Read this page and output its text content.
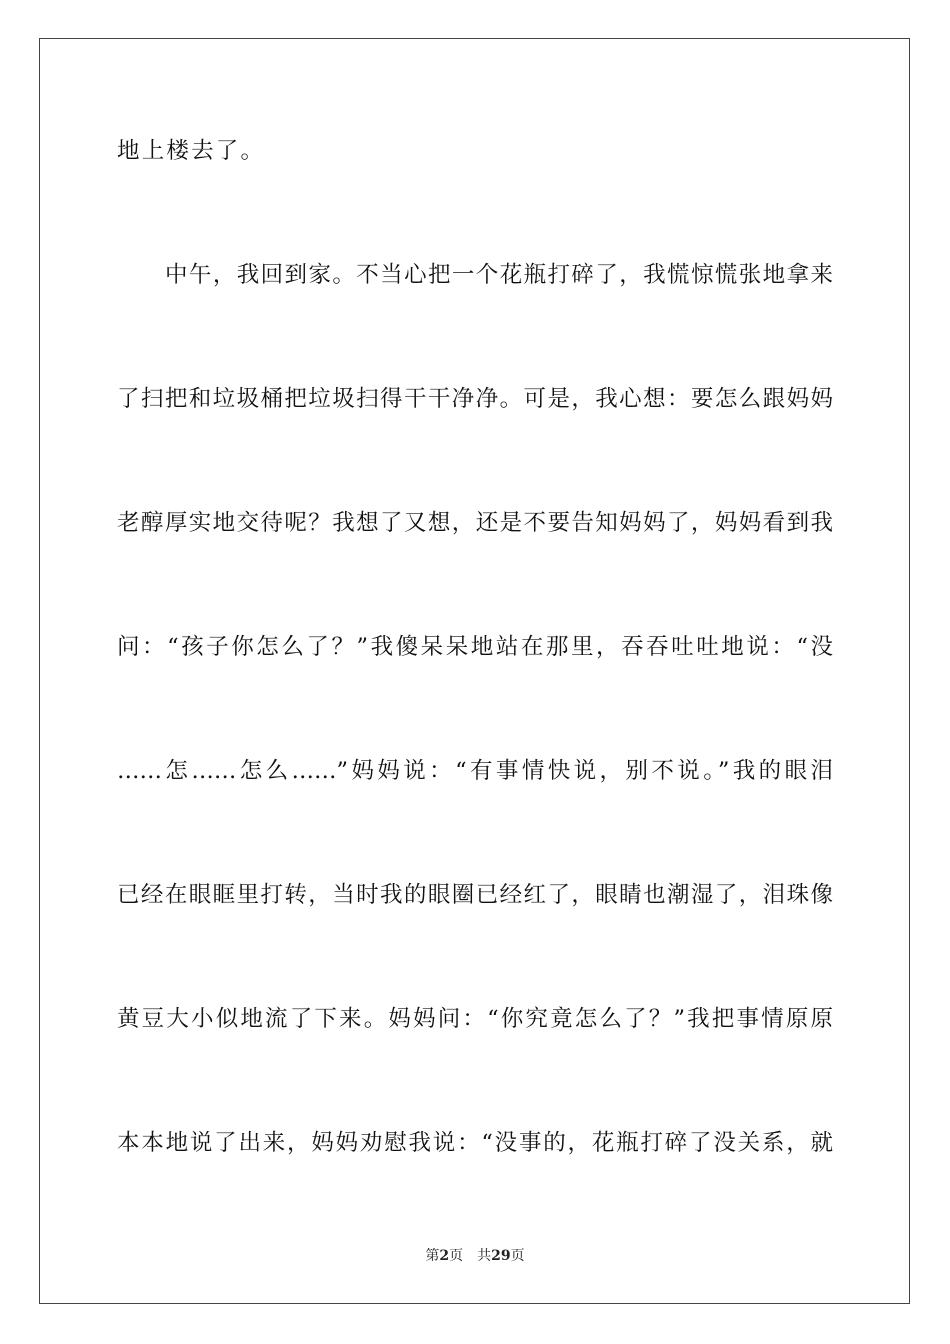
地上楼去了。
中午，我回到家。不当心把一个花瓶打碎了，我慌惊慌张地拿来
了扫把和垃圾桶把垃圾扫得干干净净。可是，我心想：要怎么跟妈妈
老醇厚实地交待呢？我想了又想，还是不要告知妈妈了，妈妈看到我
问：“孩子你怎么了？”我傻呆呆地站在那里，吞吞吐吐地说：“没
……怎……怎么……”妈妈说：“有事情快说，别不说。”我的眼泪
已经在眼眶里打转，当时我的眼圈已经红了，眼睛也潮湿了，泪珠像
黄豆大小似地流了下来。妈妈问：“你究竟怎么了？”我把事情原原
本本地说了出来，妈妈劝慰我说：“没事的，花瓶打碎了没关系，就
第2页 共29页
